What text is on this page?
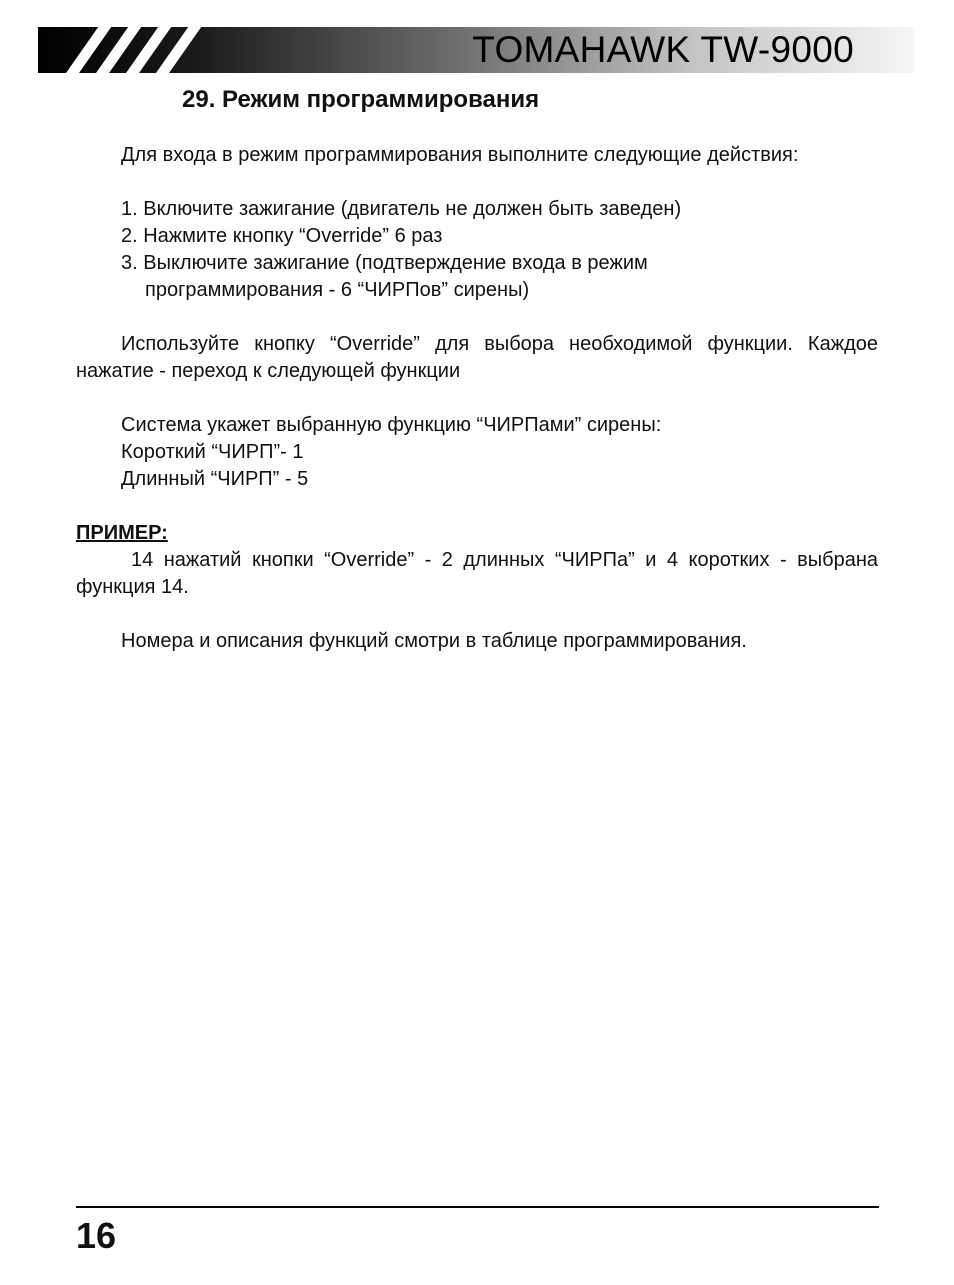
TOMAHAWK TW-9000
29. Режим программирования

Для входа в режим программирования выполните следующие действия:

1. Включите зажигание (двигатель не должен быть заведен)

2. Нажмите кнопку “Override” 6 раз

3. Выключите зажигание (подтверждение входа в режим
программирования - 6 “ЧИРПов” сирены)

Используйте кнопку “Override” для выбора необходимой функции. Каждое нажатие - переход к следующей функции

Система укажет выбранную функцию “ЧИРПами” сирены:

Короткий “ЧИРП”- 1

Длинный “ЧИРП” - 5

ПРИМЕР:

14 нажатий кнопки “Override” - 2 длинных “ЧИРПа” и 4 коротких - выбрана функция 14.

Номера и описания функций смотри в таблице программирования.

16
